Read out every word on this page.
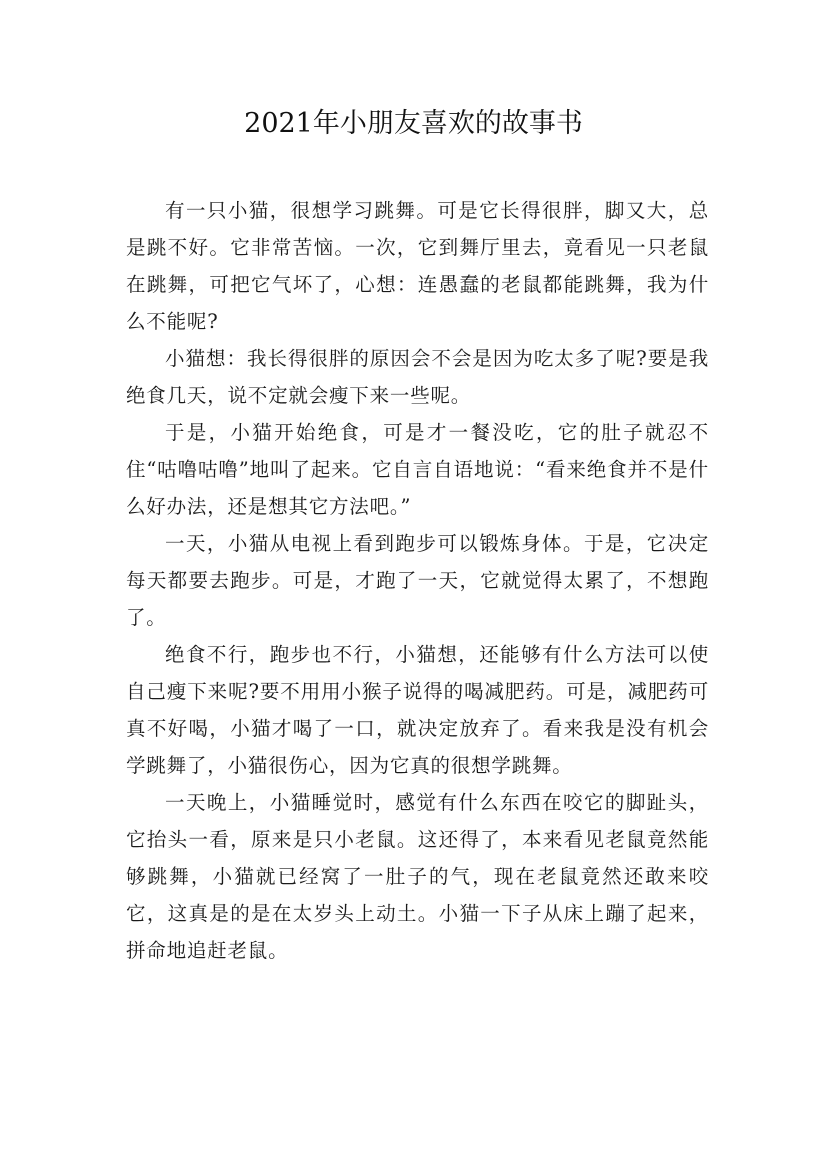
2021年小朋友喜欢的故事书

有一只小猫，很想学习跳舞。可是它长得很胖，脚又大，总是跳不好。它非常苦恼。一次，它到舞厅里去，竟看见一只老鼠在跳舞，可把它气坏了，心想：连愚蠢的老鼠都能跳舞，我为什么不能呢?

小猫想：我长得很胖的原因会不会是因为吃太多了呢?要是我绝食几天，说不定就会瘦下来一些呢。

于是，小猫开始绝食，可是才一餐没吃，它的肚子就忍不住“咕噜咕噜”地叫了起来。它自言自语地说：“看来绝食并不是什么好办法，还是想其它方法吧。”

一天，小猫从电视上看到跑步可以锻炼身体。于是，它决定每天都要去跑步。可是，才跑了一天，它就觉得太累了，不想跑了。

绝食不行，跑步也不行，小猫想，还能够有什么方法可以使自己瘦下来呢?要不用用小猴子说得的喝减肥药。可是，减肥药可真不好喝，小猫才喝了一口，就决定放弃了。看来我是没有机会学跳舞了，小猫很伤心，因为它真的很想学跳舞。

一天晚上，小猫睡觉时，感觉有什么东西在咬它的脚趾头，它抬头一看，原来是只小老鼠。这还得了，本来看见老鼠竟然能够跳舞，小猫就已经窝了一肚子的气，现在老鼠竟然还敢来咬它，这真是的是在太岁头上动土。小猫一下子从床上蹦了起来，拼命地追赶老鼠。
